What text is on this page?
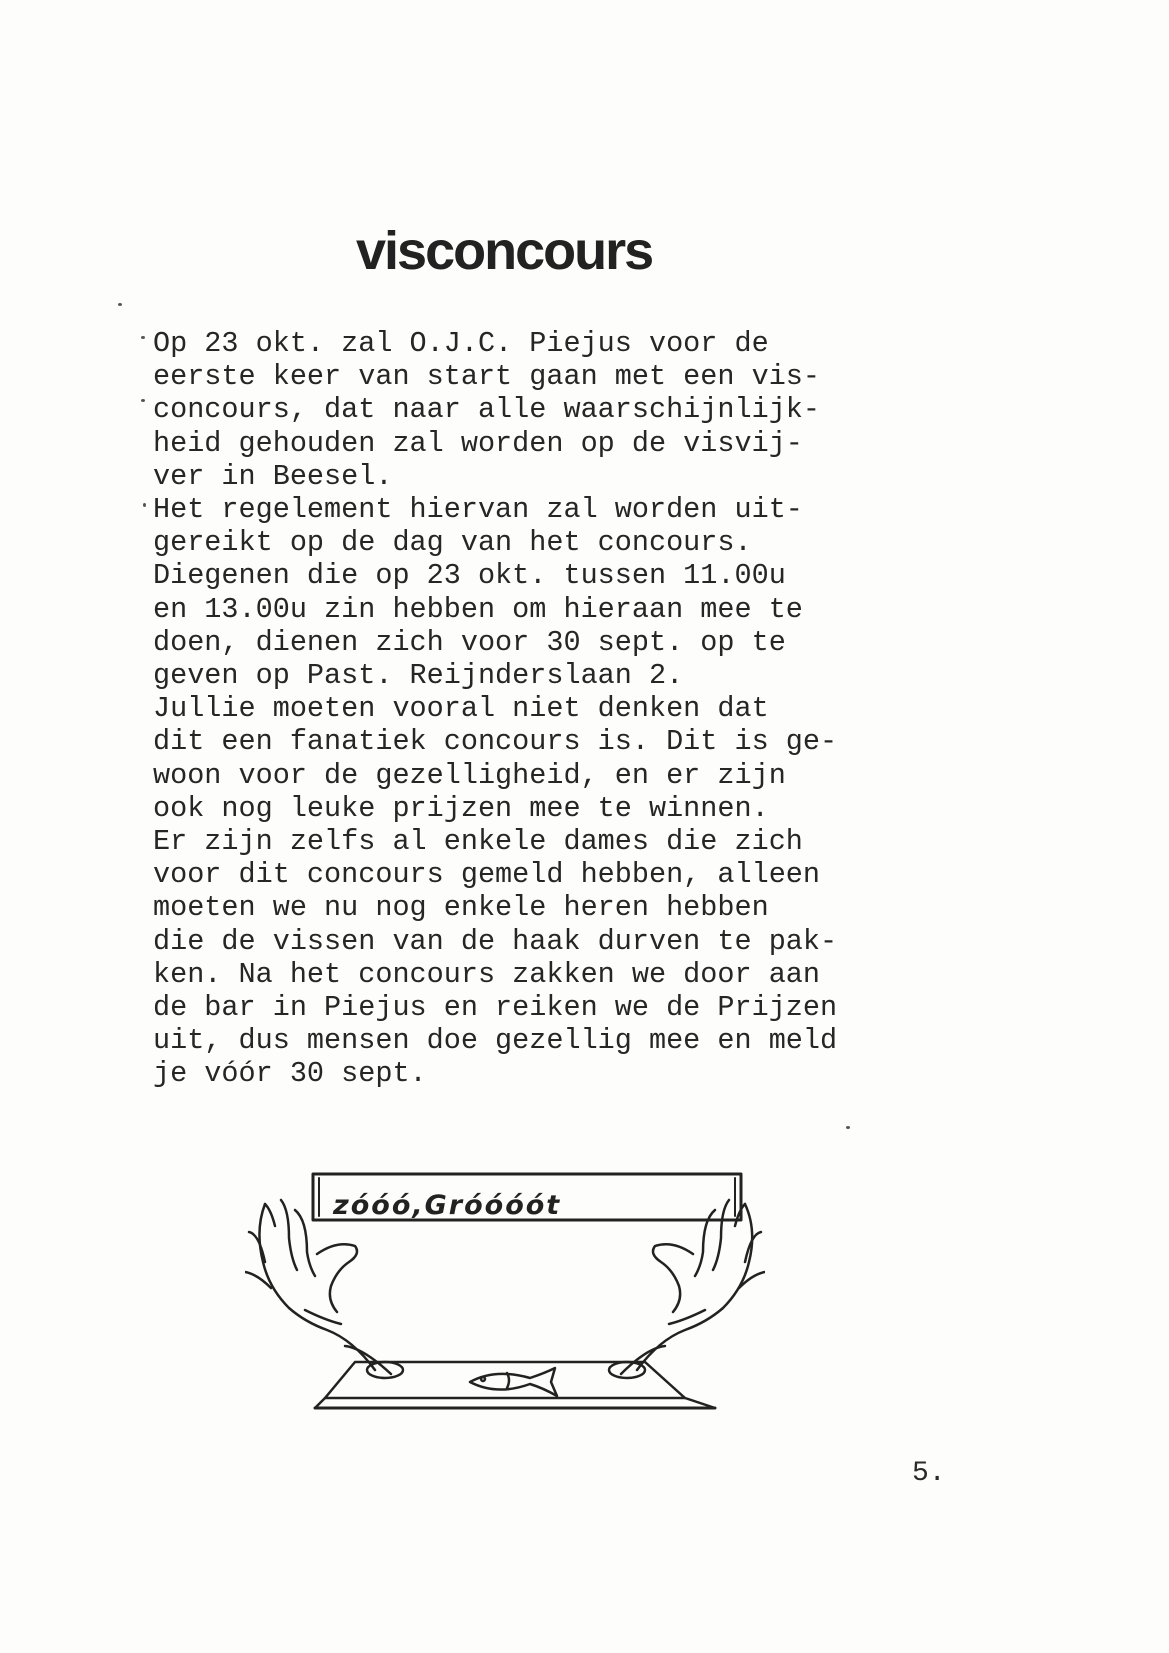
visconcours

Op 23 okt. zal O.J.C. Piejus voor de
eerste keer van start gaan met een vis-
concours, dat naar alle waarschijnlijk-
heid gehouden zal worden op de visvij-
ver in Beesel.
Het regelement hiervan zal worden uit-
gereikt op de dag van het concours.
Diegenen die op 23 okt. tussen 11.00u
en 13.00u zin hebben om hieraan mee te
doen, dienen zich voor 30 sept. op te
geven op Past. Reijnderslaan 2.
Jullie moeten vooral niet denken dat
dit een fanatiek concours is. Dit is ge-
woon voor de gezelligheid, en er zijn
ook nog leuke prijzen mee te winnen.
Er zijn zelfs al enkele dames die zich
voor dit concours gemeld hebben, alleen
moeten we nu nog enkele heren hebben
die de vissen van de haak durven te pak-
ken. Na het concours zakken we door aan
de bar in Piejus en reiken we de Prijzen
uit, dus mensen doe gezellig mee en meld
je vóór 30 sept.

zóóó,Gróóóót
5.
